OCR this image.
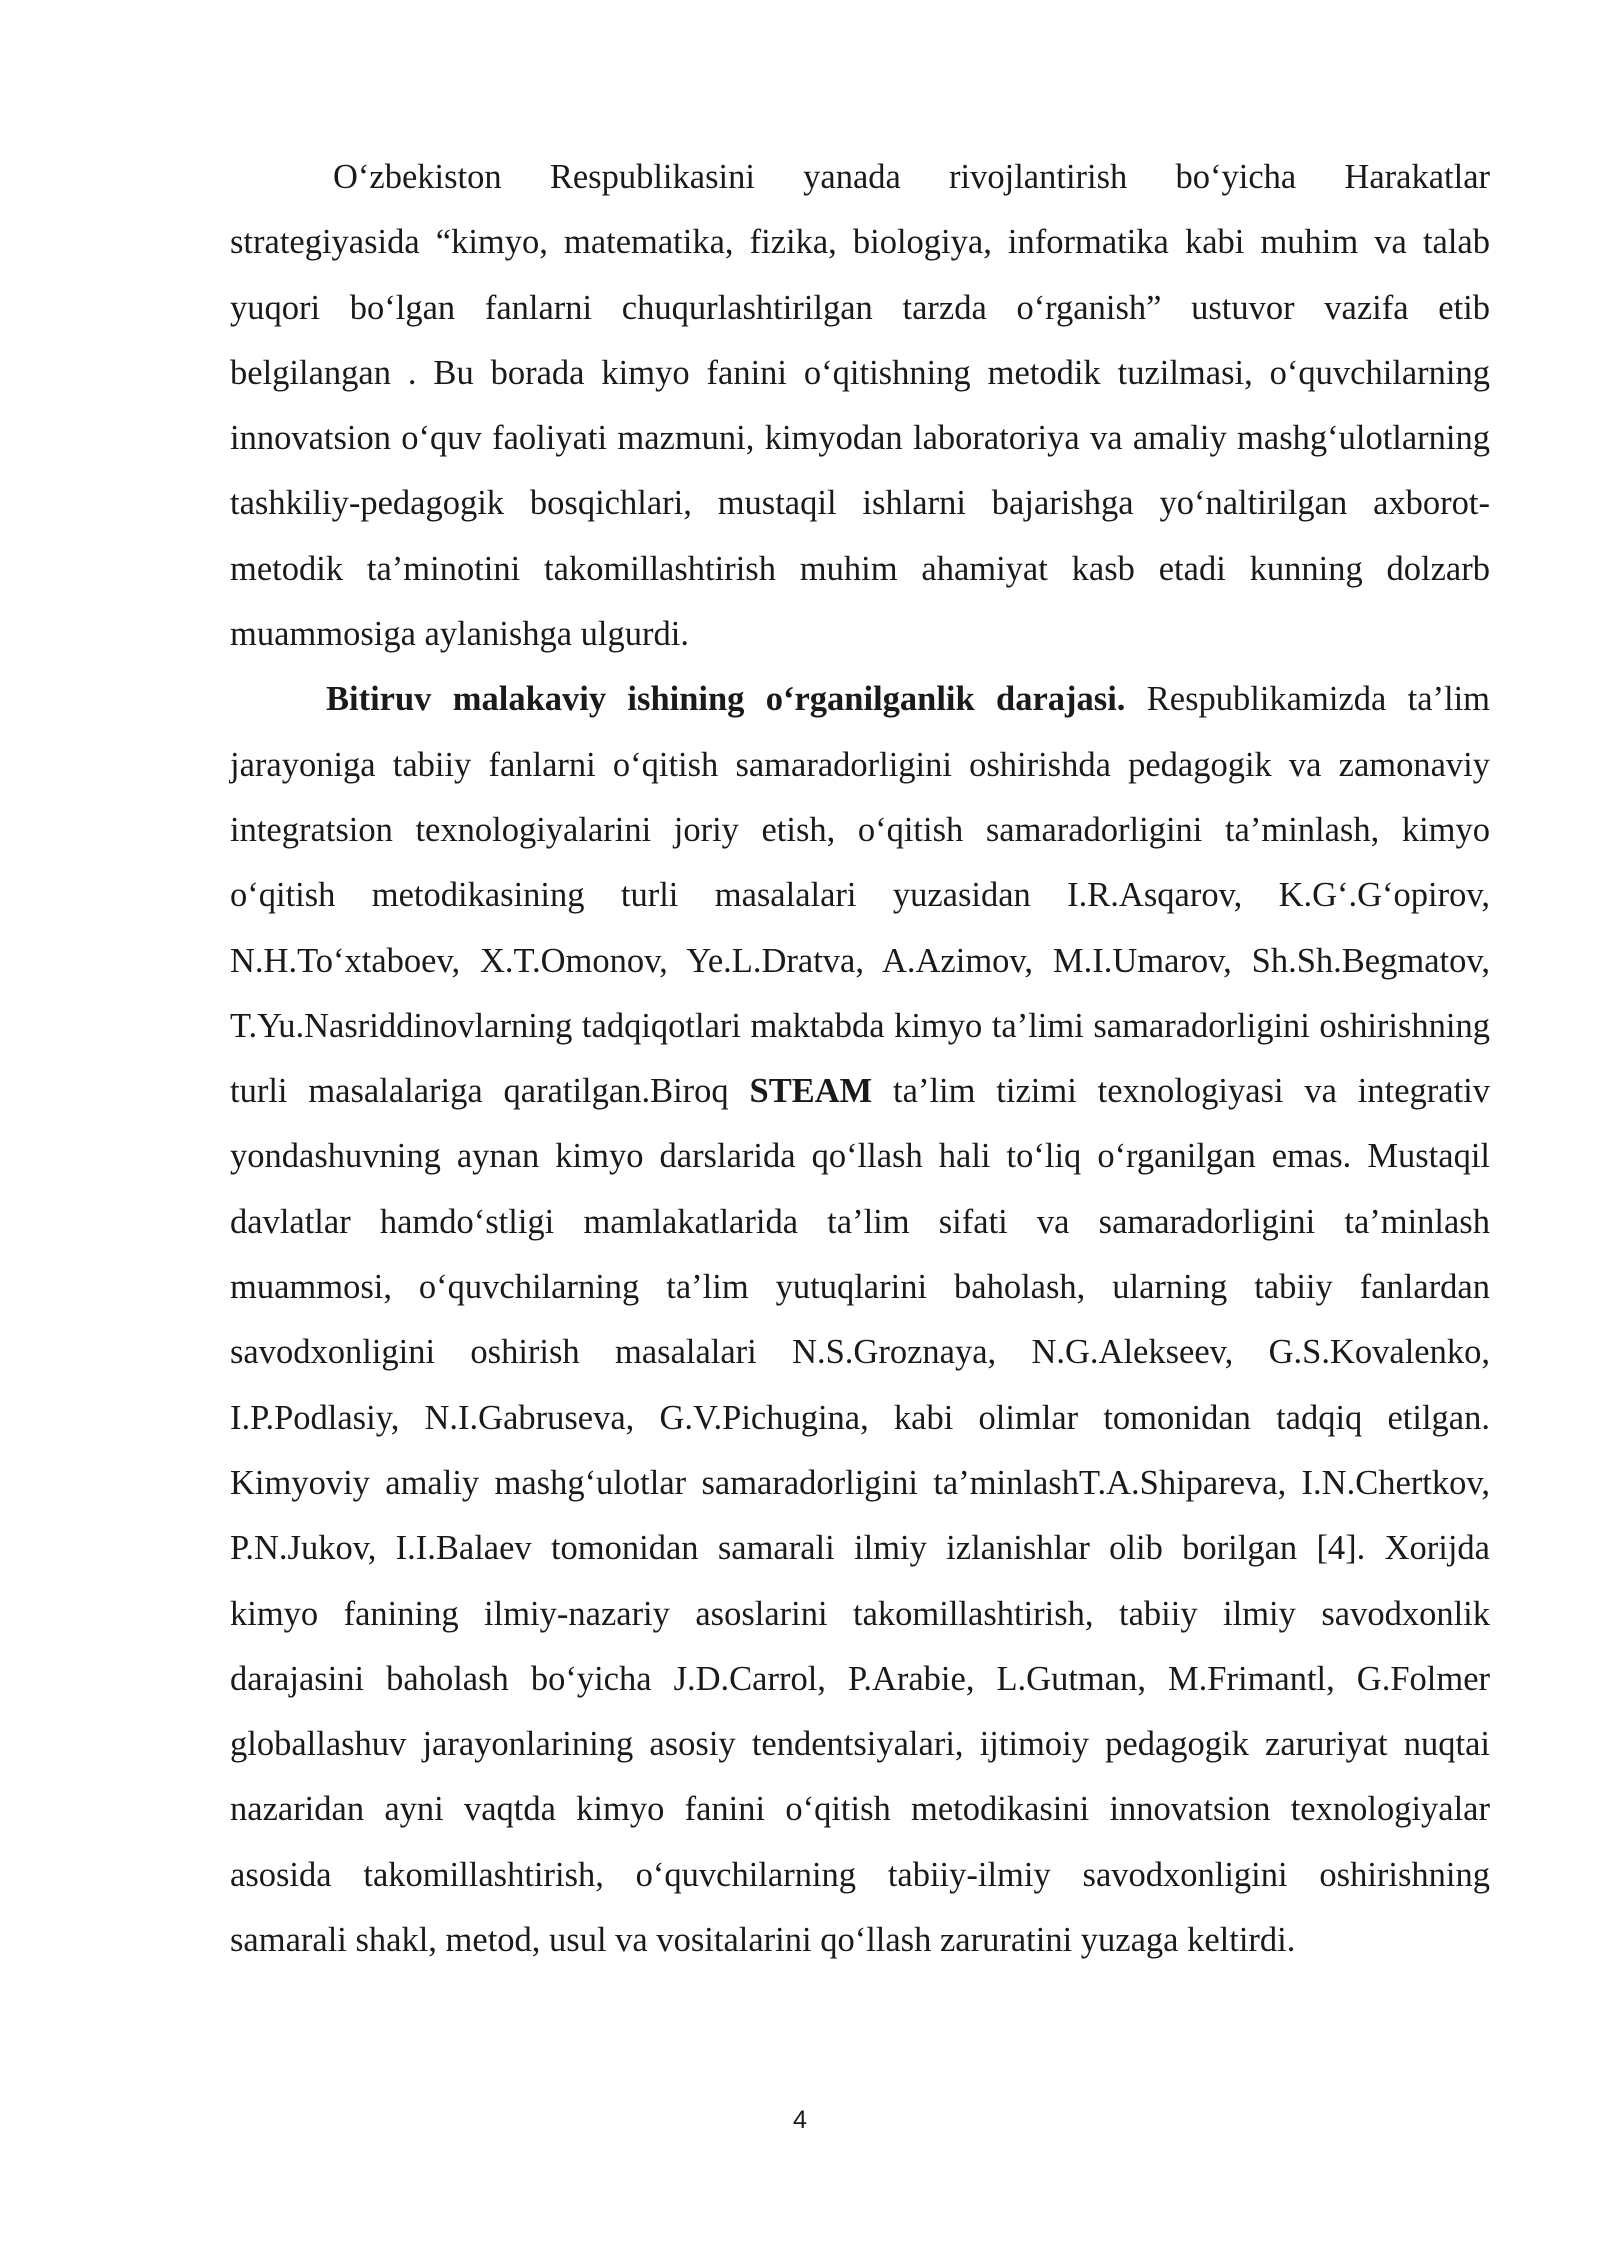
O‘zbekiston Respublikasini yanada rivojlantirish bo‘yicha Harakatlar strategiyasida “kimyo, matematika, fizika, biologiya, informatika kabi muhim va talab yuqori bo‘lgan fanlarni chuqurlashtirilgan tarzda o‘rganish” ustuvor vazifa etib belgilangan . Bu borada kimyo fanini o‘qitishning metodik tuzilmasi, o‘quvchilarning innovatsion o‘quv faoliyati mazmuni, kimyodan laboratoriya va amaliy mashg‘ulotlarning tashkiliy-pedagogik bosqichlari, mustaqil ishlarni bajarishga yo‘naltirilgan axborot-metodik ta’minotini takomillashtirish muhim ahamiyat kasb etadi kunning dolzarb muammosiga aylanishga ulgurdi.

Bitiruv malakaviy ishining o‘rganilganlik darajasi. Respublikamizda ta’lim jarayoniga tabiiy fanlarni o‘qitish samaradorligini oshirishda pedagogik va zamonaviy integratsion texnologiyalarini joriy etish, o‘qitish samaradorligini ta’minlash, kimyo o‘qitish metodikasining turli masalalari yuzasidan I.R.Asqarov, K.G‘.G‘opirov, N.H.To‘xtaboev, X.T.Omonov, Ye.L.Dratva, A.Azimov, M.I.Umarov, Sh.Sh.Begmatov, T.Yu.Nasriddinovlarning tadqiqotlari maktabda kimyo ta’limi samaradorligini oshirishning turli masalalariga qaratilgan.Biroq STEAM ta’lim tizimi texnologiyasi va integrativ yondashuvning aynan kimyo darslarida qo‘llash hali to‘liq o‘rganilgan emas. Mustaqil davlatlar hamdo‘stligi mamlakatlarida ta’lim sifati va samaradorligini ta’minlash muammosi, o‘quvchilarning ta’lim yutuqlarini baholash, ularning tabiiy fanlardan savodxonligini oshirish masalalari N.S.Groznaya, N.G.Alekseev, G.S.Kovalenko, I.P.Podlasiy, N.I.Gabruseva, G.V.Pichugina, kabi olimlar tomonidan tadqiq etilgan. Kimyoviy amaliy mashg‘ulotlar samaradorligini ta’minlashT.A.Shipareva, I.N.Chertkov, P.N.Jukov, I.I.Balaev tomonidan samarali ilmiy izlanishlar olib borilgan [4]. Xorijda kimyo fanining ilmiy-nazariy asoslarini takomillashtirish, tabiiy ilmiy savodxonlik darajasini baholash bo‘yicha J.D.Carrol, P.Arabie, L.Gutman, M.Frimantl, G.Folmer globallashuv jarayonlarining asosiy tendentsiyalari, ijtimoiy pedagogik zaruriyat nuqtai nazaridan ayni vaqtda kimyo fanini o‘qitish metodikasini innovatsion texnologiyalar asosida takomillashtirish, o‘quvchilarning tabiiy-ilmiy savodxonligini oshirishning samarali shakl, metod, usul va vositalarini qo‘llash zaruratini yuzaga keltirdi.

4
